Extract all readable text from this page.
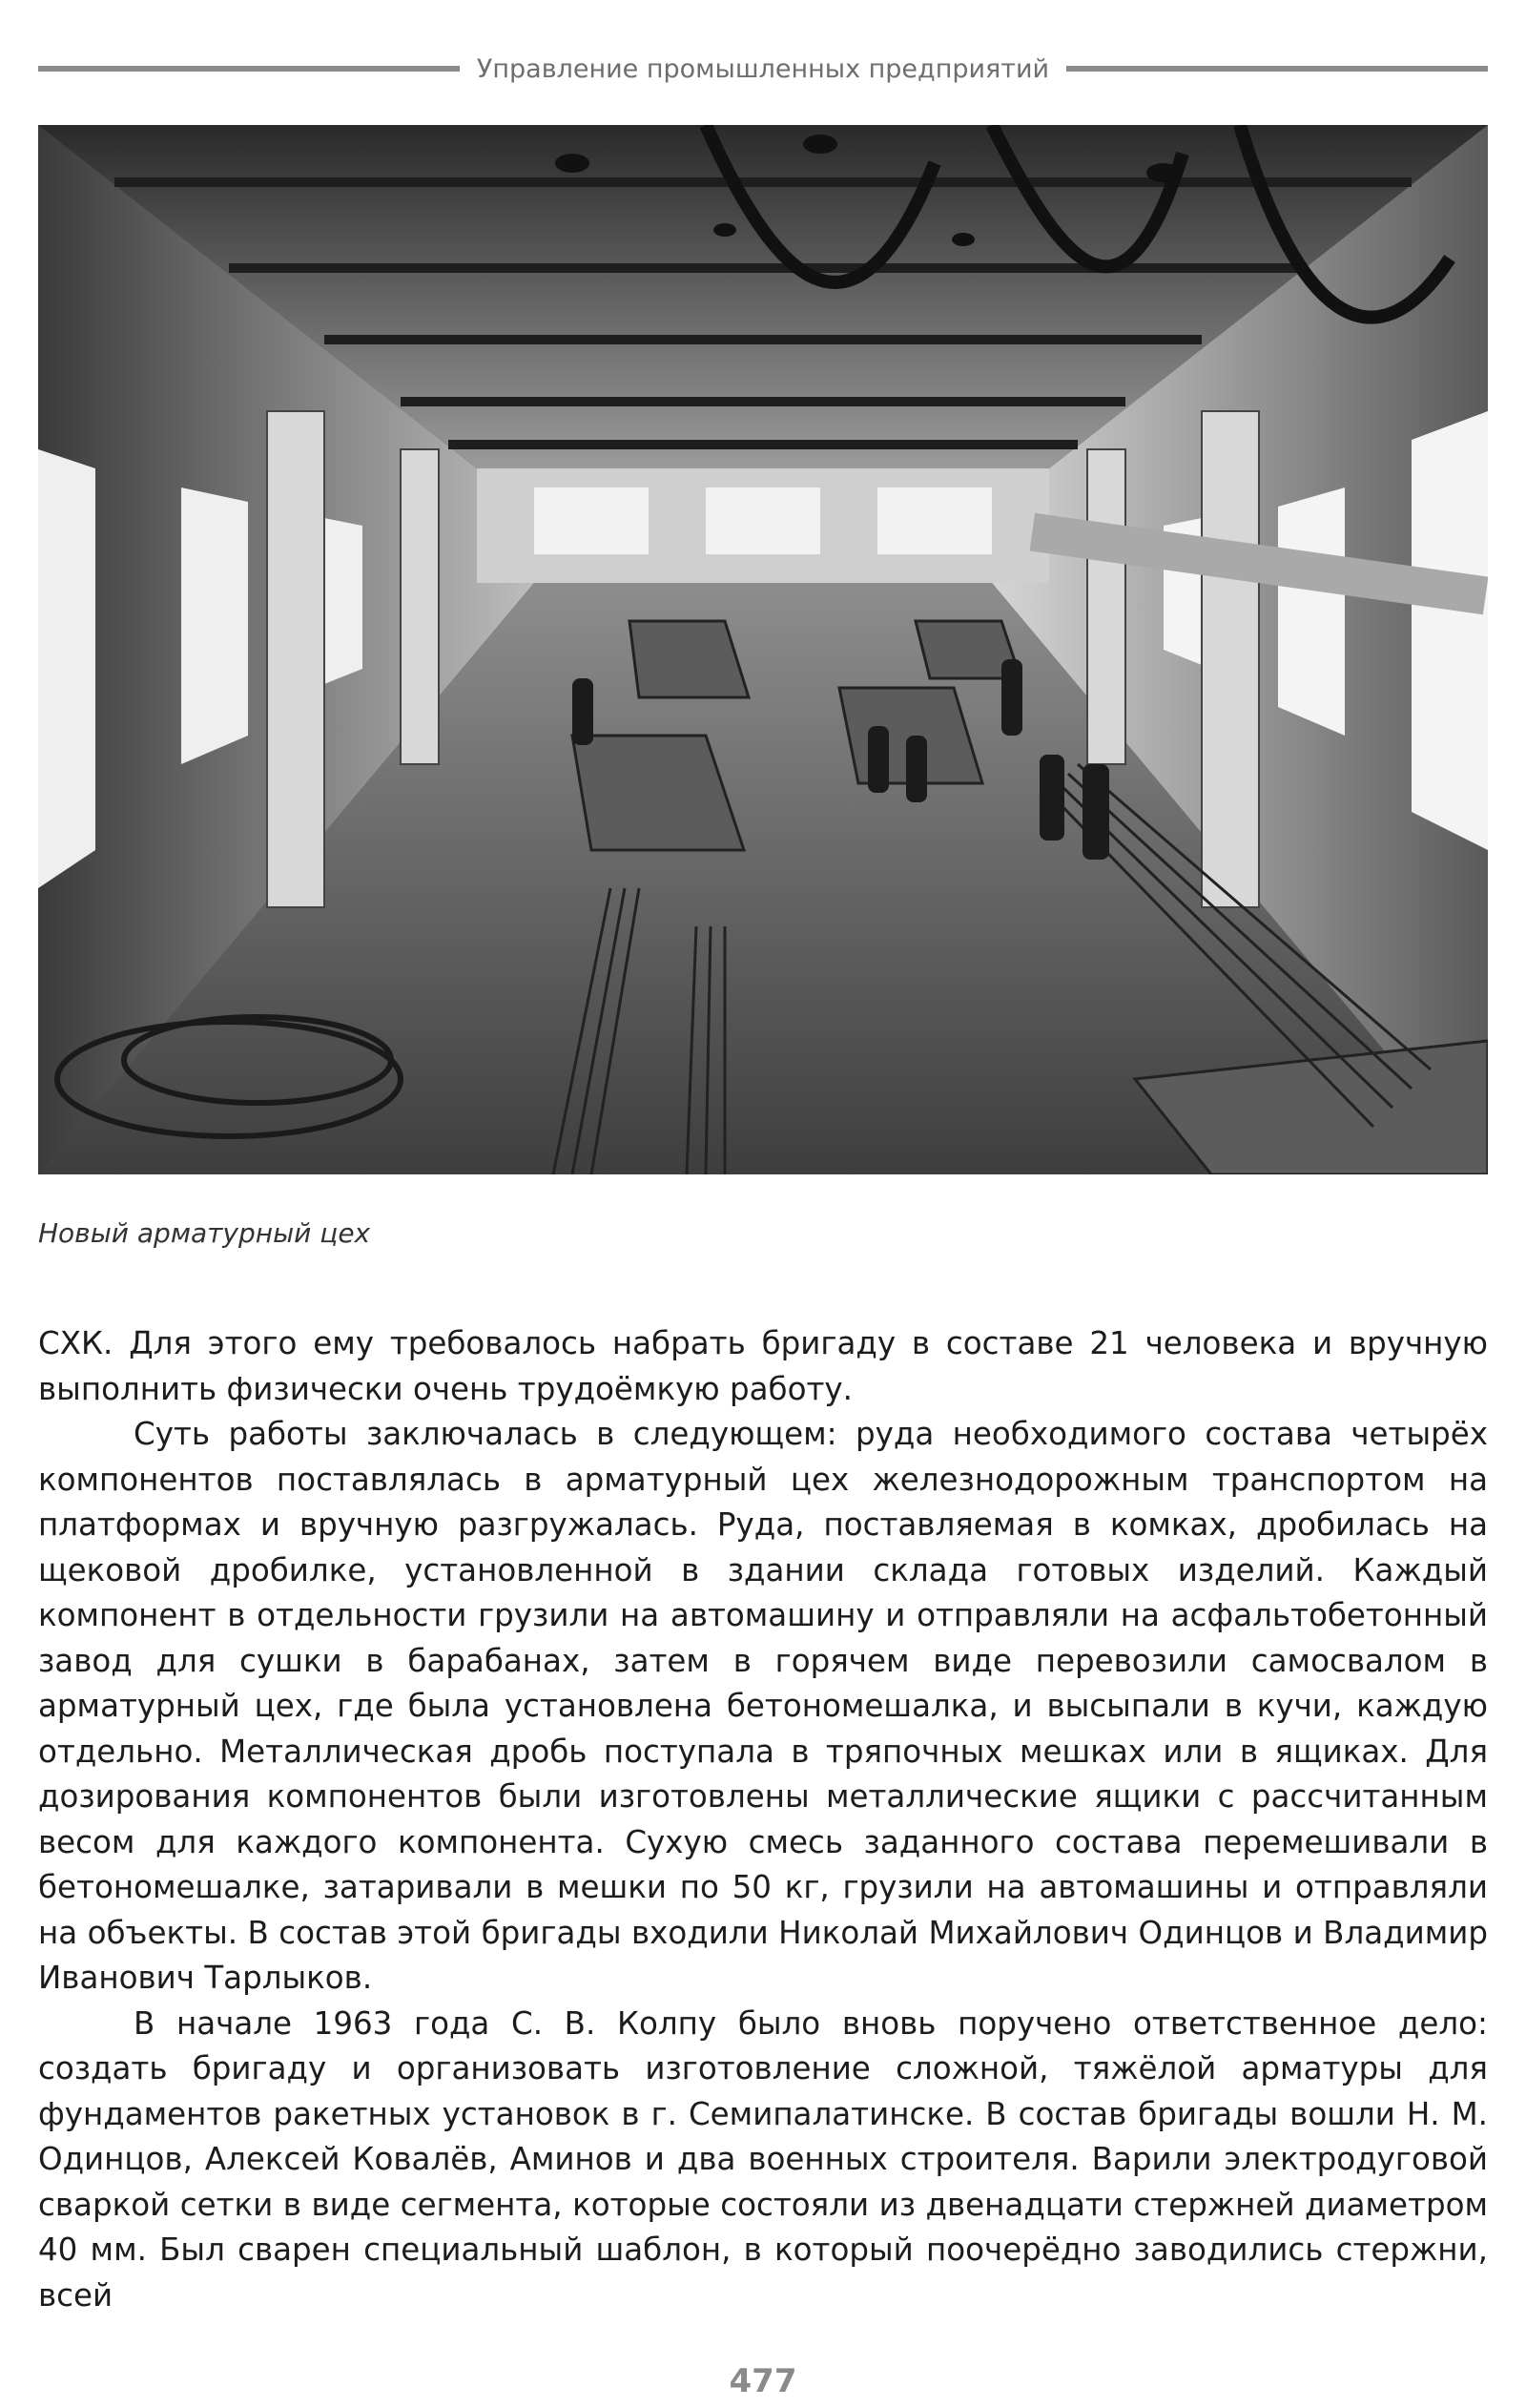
Управление промышленных предприятий
Новый арматурный цех

СХК. Для этого ему требовалось набрать бригаду в составе 21 человека и вручную выполнить физически очень трудоёмкую работу.

Суть работы заключалась в следующем: руда необходимого состава четырёх компонентов поставлялась в арматурный цех железнодорожным транспортом на платформах и вручную разгружалась. Руда, поставляемая в комках, дробилась на щековой дробилке, установленной в здании склада готовых изделий. Каждый компонент в отдельности грузили на автомашину и отправляли на асфальтобетонный завод для сушки в барабанах, затем в горячем виде перевозили самосвалом в арматурный цех, где была установлена бетономешалка, и высыпали в кучи, каждую отдельно. Металлическая дробь поступала в тряпочных мешках или в ящиках. Для дозирования компонентов были изготовлены металлические ящики с рассчитанным весом для каждого компонента. Сухую смесь заданного состава перемешивали в бетономешалке, затаривали в мешки по 50 кг, грузили на автомашины и отправляли на объекты. В состав этой бригады входили Николай Михайлович Одинцов и Владимир Иванович Тарлыков.

В начале 1963 года С. В. Колпу было вновь поручено ответственное дело: создать бригаду и организовать изготовление сложной, тяжёлой арматуры для фундаментов ракетных установок в г. Семипалатинске. В состав бригады вошли Н. М. Одинцов, Алексей Ковалёв, Аминов и два военных строителя. Варили электродуговой сваркой сетки в виде сегмента, которые состояли из двенадцати стержней диаметром 40 мм. Был сварен специальный шаблон, в который поочерёдно заводились стержни, всей

477
